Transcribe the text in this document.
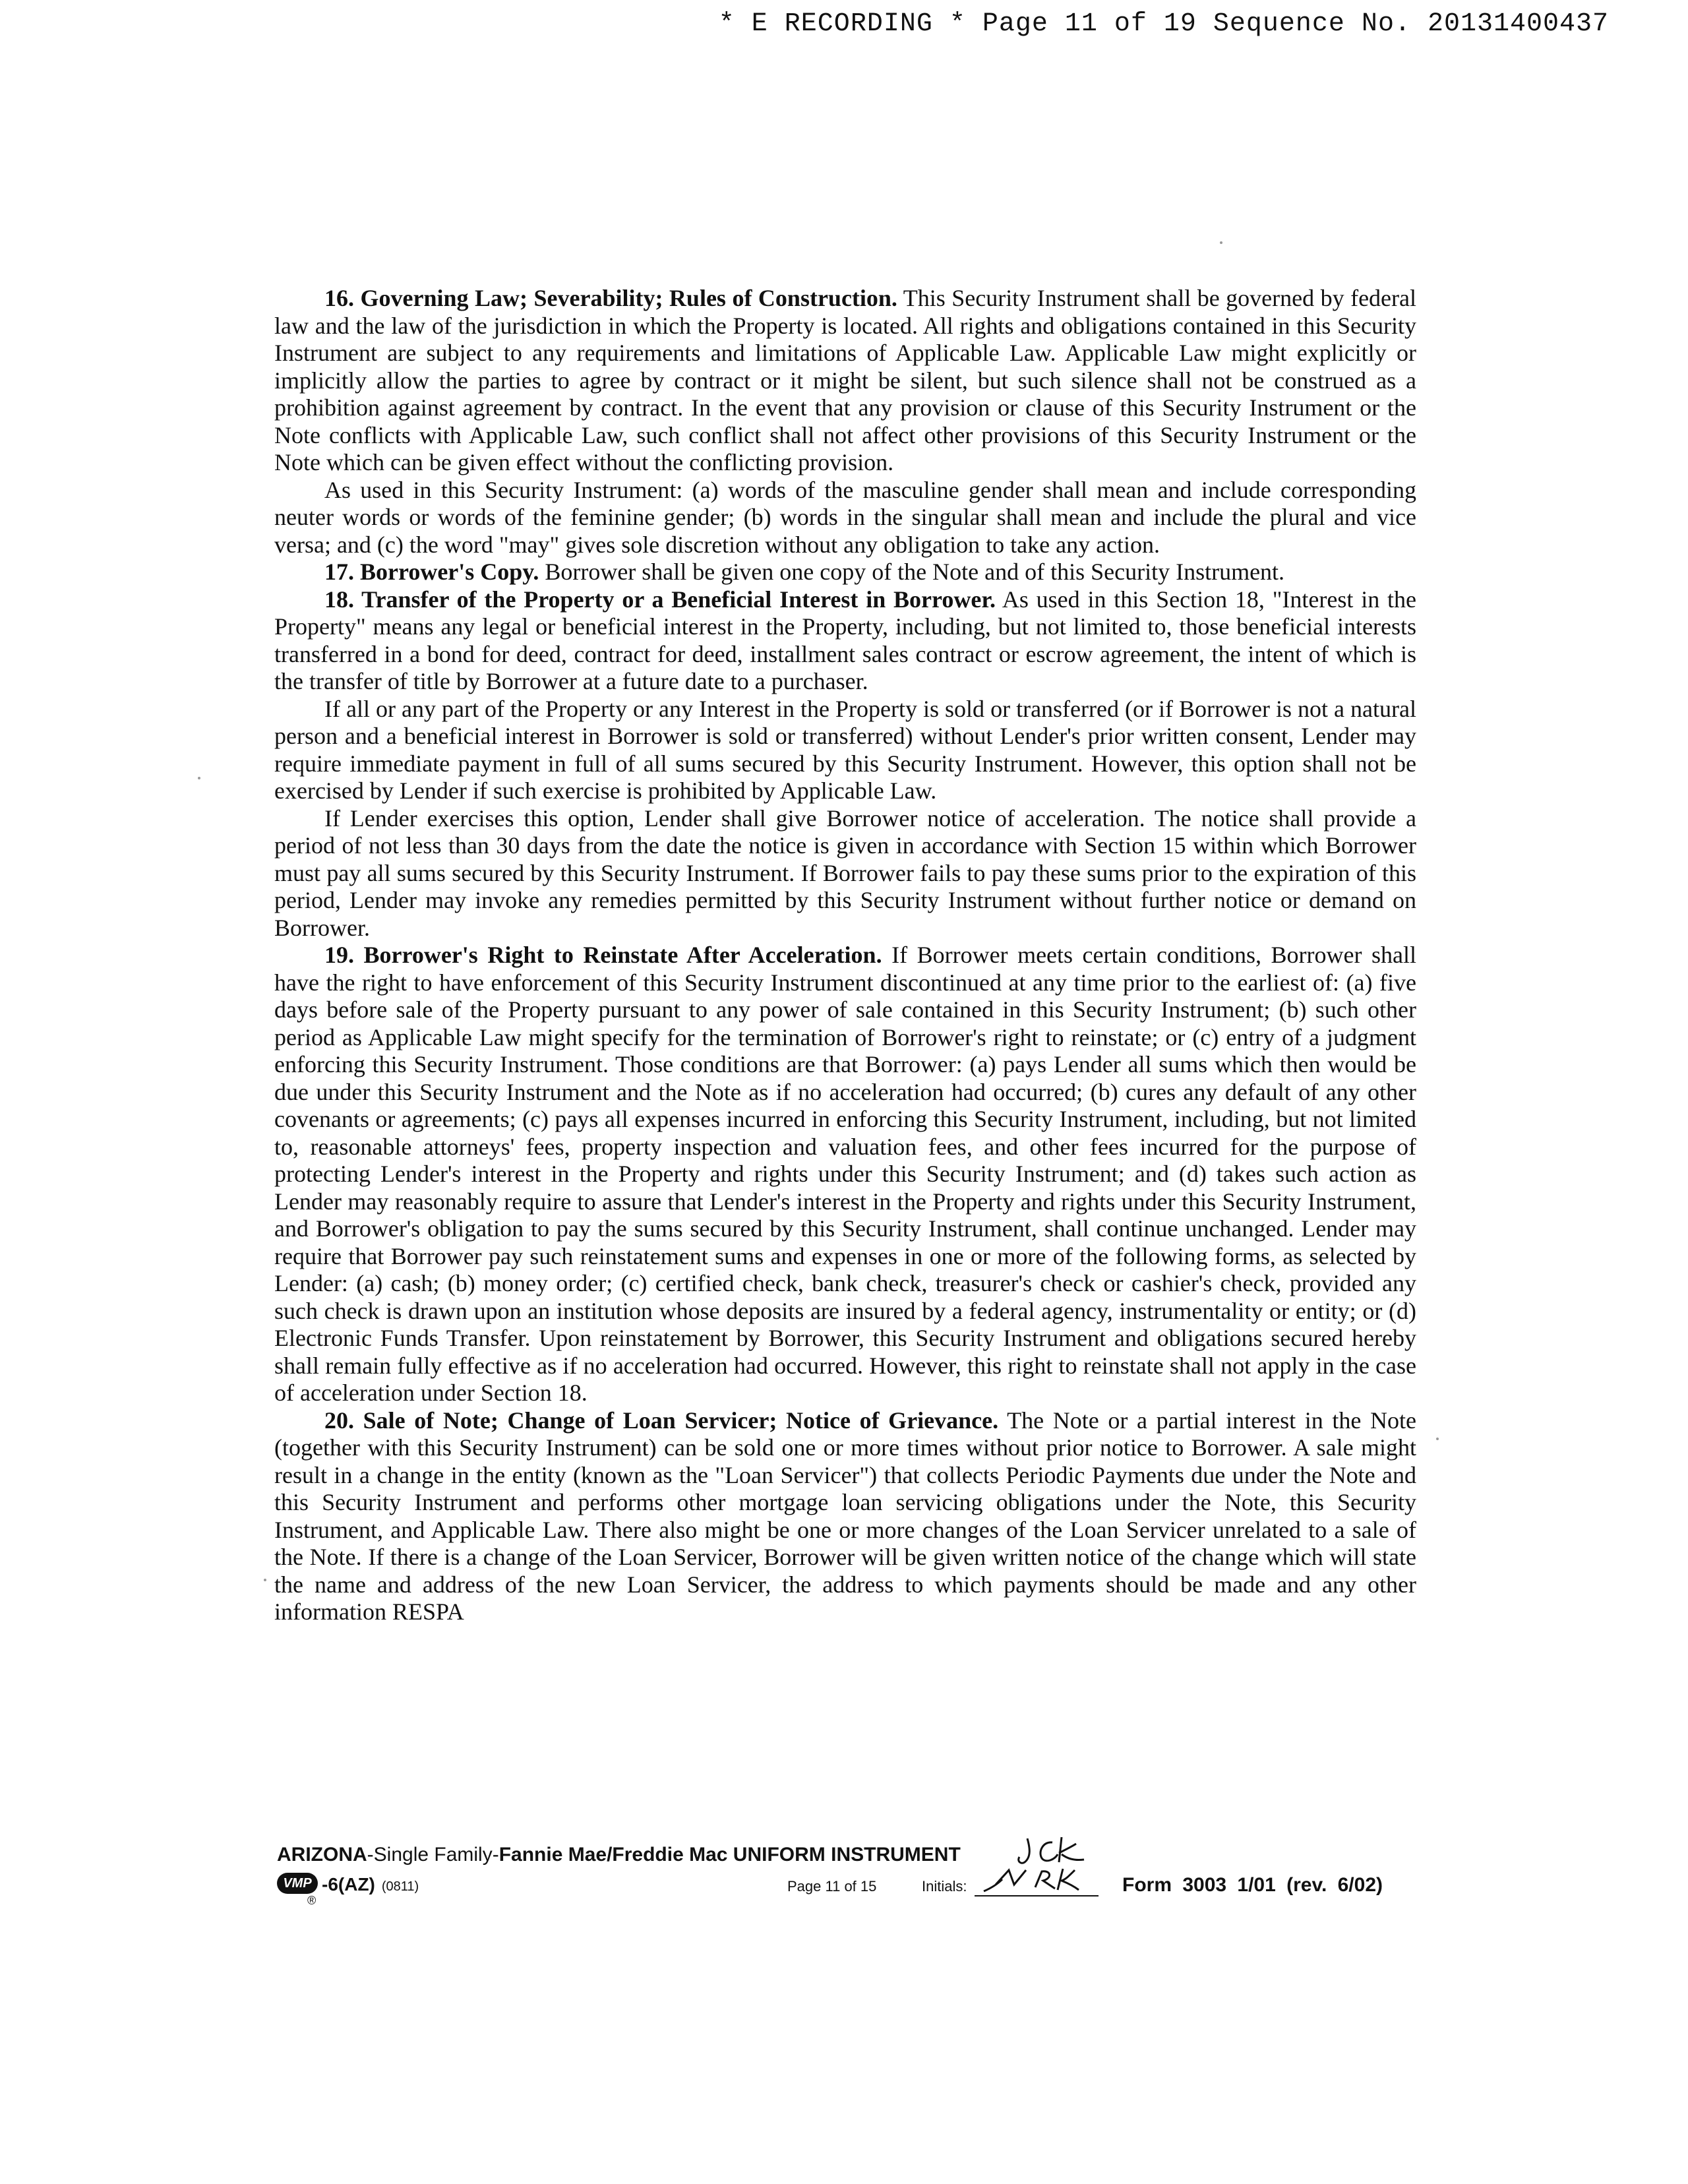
* E RECORDING * Page 11 of 19 Sequence No. 20131400437

16. Governing Law; Severability; Rules of Construction. This Security Instrument shall be governed by federal law and the law of the jurisdiction in which the Property is located. All rights and obligations contained in this Security Instrument are subject to any requirements and limitations of Applicable Law. Applicable Law might explicitly or implicitly allow the parties to agree by contract or it might be silent, but such silence shall not be construed as a prohibition against agreement by contract. In the event that any provision or clause of this Security Instrument or the Note conflicts with Applicable Law, such conflict shall not affect other provisions of this Security Instrument or the Note which can be given effect without the conflicting provision.

As used in this Security Instrument: (a) words of the masculine gender shall mean and include corresponding neuter words or words of the feminine gender; (b) words in the singular shall mean and include the plural and vice versa; and (c) the word "may" gives sole discretion without any obligation to take any action.

17. Borrower's Copy. Borrower shall be given one copy of the Note and of this Security Instrument.

18. Transfer of the Property or a Beneficial Interest in Borrower. As used in this Section 18, "Interest in the Property" means any legal or beneficial interest in the Property, including, but not limited to, those beneficial interests transferred in a bond for deed, contract for deed, installment sales contract or escrow agreement, the intent of which is the transfer of title by Borrower at a future date to a purchaser.

If all or any part of the Property or any Interest in the Property is sold or transferred (or if Borrower is not a natural person and a beneficial interest in Borrower is sold or transferred) without Lender's prior written consent, Lender may require immediate payment in full of all sums secured by this Security Instrument. However, this option shall not be exercised by Lender if such exercise is prohibited by Applicable Law.

If Lender exercises this option, Lender shall give Borrower notice of acceleration. The notice shall provide a period of not less than 30 days from the date the notice is given in accordance with Section 15 within which Borrower must pay all sums secured by this Security Instrument. If Borrower fails to pay these sums prior to the expiration of this period, Lender may invoke any remedies permitted by this Security Instrument without further notice or demand on Borrower.

19. Borrower's Right to Reinstate After Acceleration. If Borrower meets certain conditions, Borrower shall have the right to have enforcement of this Security Instrument discontinued at any time prior to the earliest of: (a) five days before sale of the Property pursuant to any power of sale contained in this Security Instrument; (b) such other period as Applicable Law might specify for the termination of Borrower's right to reinstate; or (c) entry of a judgment enforcing this Security Instrument. Those conditions are that Borrower: (a) pays Lender all sums which then would be due under this Security Instrument and the Note as if no acceleration had occurred; (b) cures any default of any other covenants or agreements; (c) pays all expenses incurred in enforcing this Security Instrument, including, but not limited to, reasonable attorneys' fees, property inspection and valuation fees, and other fees incurred for the purpose of protecting Lender's interest in the Property and rights under this Security Instrument; and (d) takes such action as Lender may reasonably require to assure that Lender's interest in the Property and rights under this Security Instrument, and Borrower's obligation to pay the sums secured by this Security Instrument, shall continue unchanged. Lender may require that Borrower pay such reinstatement sums and expenses in one or more of the following forms, as selected by Lender: (a) cash; (b) money order; (c) certified check, bank check, treasurer's check or cashier's check, provided any such check is drawn upon an institution whose deposits are insured by a federal agency, instrumentality or entity; or (d) Electronic Funds Transfer. Upon reinstatement by Borrower, this Security Instrument and obligations secured hereby shall remain fully effective as if no acceleration had occurred. However, this right to reinstate shall not apply in the case of acceleration under Section 18.

20. Sale of Note; Change of Loan Servicer; Notice of Grievance. The Note or a partial interest in the Note (together with this Security Instrument) can be sold one or more times without prior notice to Borrower. A sale might result in a change in the entity (known as the "Loan Servicer") that collects Periodic Payments due under the Note and this Security Instrument and performs other mortgage loan servicing obligations under the Note, this Security Instrument, and Applicable Law. There also might be one or more changes of the Loan Servicer unrelated to a sale of the Note. If there is a change of the Loan Servicer, Borrower will be given written notice of the change which will state the name and address of the new Loan Servicer, the address to which payments should be made and any other information RESPA

ARIZONA-Single Family-Fannie Mae/Freddie Mac UNIFORM INSTRUMENT
VMP
®
-6(AZ) (0811)	Page 11 of 15	Initials:	Form 3003 1/01 (rev. 6/02)
